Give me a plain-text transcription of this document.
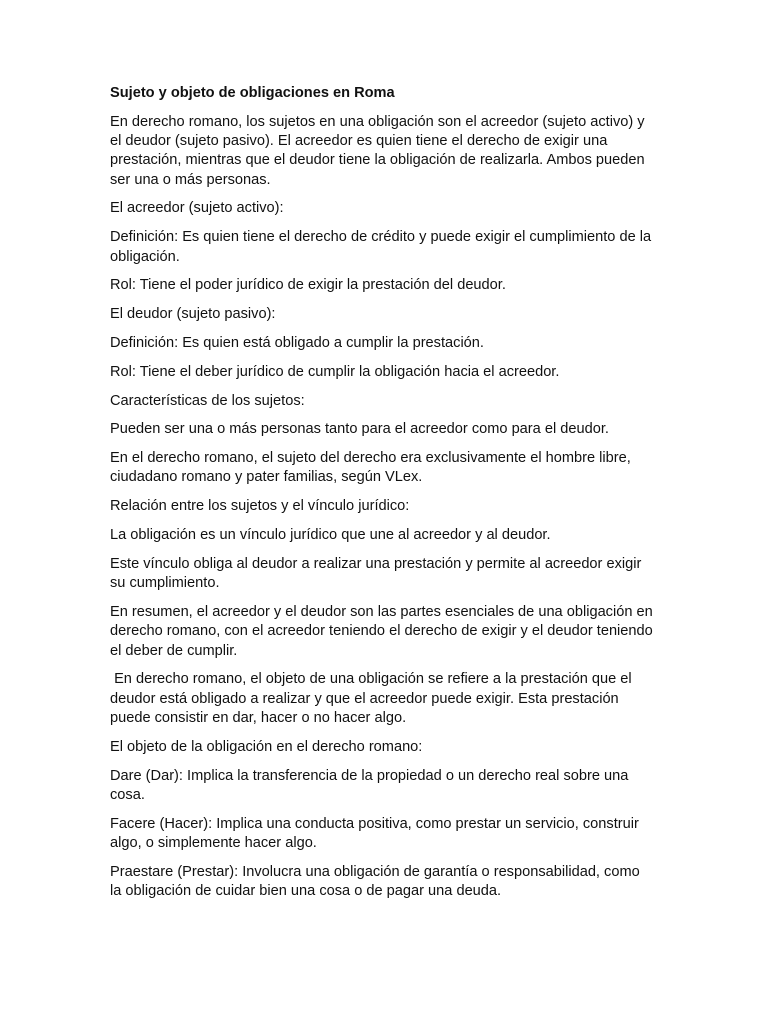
Sujeto y objeto de obligaciones en Roma

En derecho romano, los sujetos en una obligación son el acreedor (sujeto activo) y el deudor (sujeto pasivo). El acreedor es quien tiene el derecho de exigir una prestación, mientras que el deudor tiene la obligación de realizarla. Ambos pueden ser una o más personas.

El acreedor (sujeto activo):

Definición: Es quien tiene el derecho de crédito y puede exigir el cumplimiento de la obligación.

Rol: Tiene el poder jurídico de exigir la prestación del deudor.

El deudor (sujeto pasivo):

Definición: Es quien está obligado a cumplir la prestación.

Rol: Tiene el deber jurídico de cumplir la obligación hacia el acreedor.

Características de los sujetos:

Pueden ser una o más personas tanto para el acreedor como para el deudor.

En el derecho romano, el sujeto del derecho era exclusivamente el hombre libre, ciudadano romano y pater familias, según VLex.

Relación entre los sujetos y el vínculo jurídico:

La obligación es un vínculo jurídico que une al acreedor y al deudor.

Este vínculo obliga al deudor a realizar una prestación y permite al acreedor exigir su cumplimiento.

En resumen, el acreedor y el deudor son las partes esenciales de una obligación en derecho romano, con el acreedor teniendo el derecho de exigir y el deudor teniendo el deber de cumplir.

En derecho romano, el objeto de una obligación se refiere a la prestación que el deudor está obligado a realizar y que el acreedor puede exigir. Esta prestación puede consistir en dar, hacer o no hacer algo.

El objeto de la obligación en el derecho romano:

Dare (Dar): Implica la transferencia de la propiedad o un derecho real sobre una cosa.

Facere (Hacer): Implica una conducta positiva, como prestar un servicio, construir algo, o simplemente hacer algo.

Praestare (Prestar): Involucra una obligación de garantía o responsabilidad, como la obligación de cuidar bien una cosa o de pagar una deuda.
